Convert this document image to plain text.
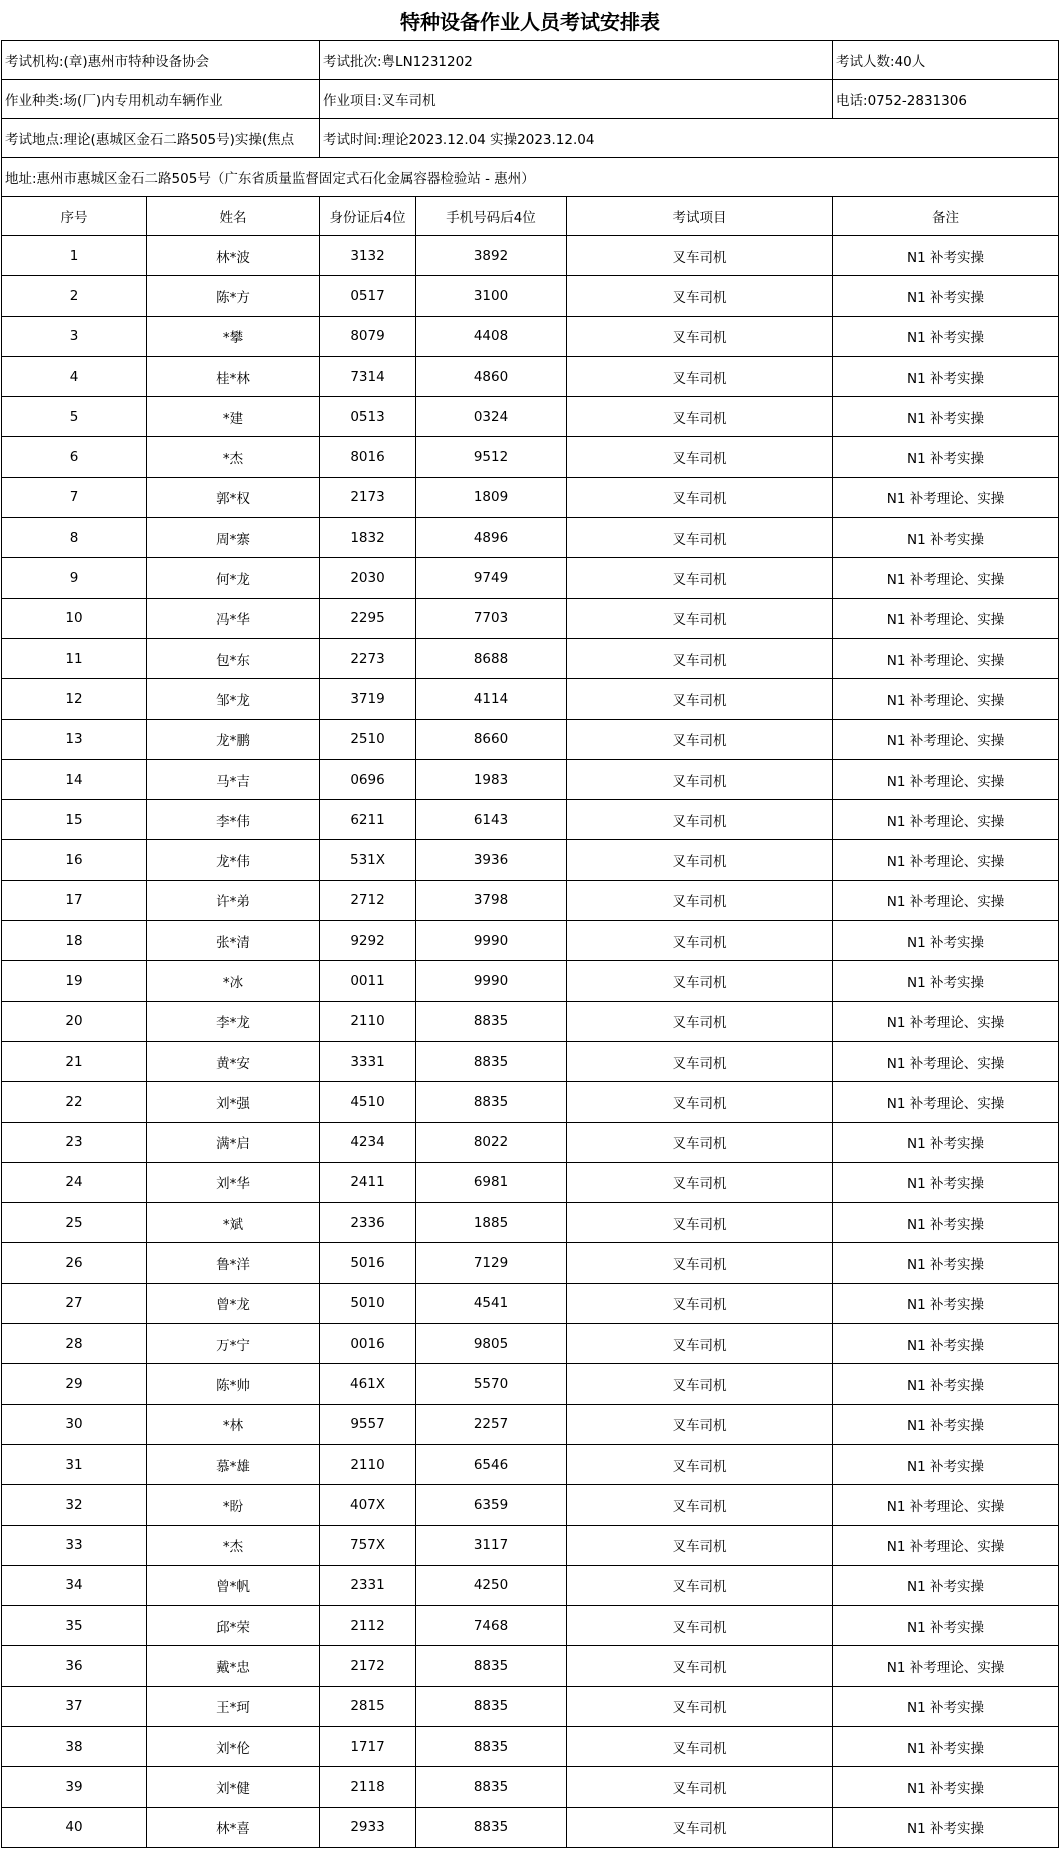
特种设备作业人员考试安排表
考试机构:(章)惠州市特种设备协会		考试批次:粤LN1231202			考试人数:40人
作业种类:场(厂)内专用机动车辆作业		作业项目:叉车司机			电话:0752-2831306
考试地点:理论(惠城区金石二路505号)实操(焦点		考试时间:理论2023.12.04 实操2023.12.04			
地址:惠州市惠城区金石二路505号（广东省质量监督固定式石化金属容器检验站 - 惠州）					
序号	姓名	身份证后4位	手机号码后4位	考试项目	备注
1	林*波	3132	3892	叉车司机	N1 补考实操
2	陈*方	0517	3100	叉车司机	N1 补考实操
3	*攀	8079	4408	叉车司机	N1 补考实操
4	桂*林	7314	4860	叉车司机	N1 补考实操
5	*建	0513	0324	叉车司机	N1 补考实操
6	*杰	8016	9512	叉车司机	N1 补考实操
7	郭*权	2173	1809	叉车司机	N1 补考理论、实操
8	周*寨	1832	4896	叉车司机	N1 补考实操
9	何*龙	2030	9749	叉车司机	N1 补考理论、实操
10	冯*华	2295	7703	叉车司机	N1 补考理论、实操
11	包*东	2273	8688	叉车司机	N1 补考理论、实操
12	邹*龙	3719	4114	叉车司机	N1 补考理论、实操
13	龙*鹏	2510	8660	叉车司机	N1 补考理论、实操
14	马*吉	0696	1983	叉车司机	N1 补考理论、实操
15	李*伟	6211	6143	叉车司机	N1 补考理论、实操
16	龙*伟	531X	3936	叉车司机	N1 补考理论、实操
17	许*弟	2712	3798	叉车司机	N1 补考理论、实操
18	张*清	9292	9990	叉车司机	N1 补考实操
19	*冰	0011	9990	叉车司机	N1 补考实操
20	李*龙	2110	8835	叉车司机	N1 补考理论、实操
21	黄*安	3331	8835	叉车司机	N1 补考理论、实操
22	刘*强	4510	8835	叉车司机	N1 补考理论、实操
23	满*启	4234	8022	叉车司机	N1 补考实操
24	刘*华	2411	6981	叉车司机	N1 补考实操
25	*斌	2336	1885	叉车司机	N1 补考实操
26	鲁*洋	5016	7129	叉车司机	N1 补考实操
27	曾*龙	5010	4541	叉车司机	N1 补考实操
28	万*宁	0016	9805	叉车司机	N1 补考实操
29	陈*帅	461X	5570	叉车司机	N1 补考实操
30	*林	9557	2257	叉车司机	N1 补考实操
31	慕*雄	2110	6546	叉车司机	N1 补考实操
32	*盼	407X	6359	叉车司机	N1 补考理论、实操
33	*杰	757X	3117	叉车司机	N1 补考理论、实操
34	曾*帆	2331	4250	叉车司机	N1 补考实操
35	邱*荣	2112	7468	叉车司机	N1 补考实操
36	戴*忠	2172	8835	叉车司机	N1 补考理论、实操
37	王*珂	2815	8835	叉车司机	N1 补考实操
38	刘*伦	1717	8835	叉车司机	N1 补考实操
39	刘*健	2118	8835	叉车司机	N1 补考实操
40	林*喜	2933	8835	叉车司机	N1 补考实操
